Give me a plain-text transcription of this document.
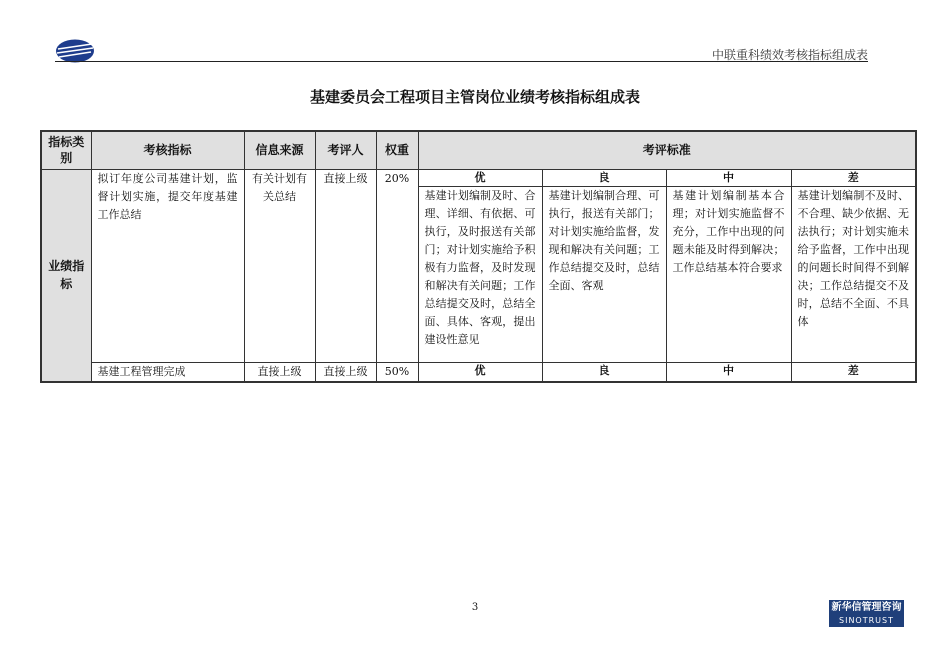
中联重科绩效考核指标组成表
基建委员会工程项目主管岗位业绩考核指标组成表
指标类别	考核指标	信息来源	考评人	权重	考评标准			
业绩指标	拟订年度公司基建计划，监督计划实施，提交年度基建工作总结	有关计划有关总结	直接上级	20%	优	良	中	差
					基建计划编制及时、合理、详细、有依据、可执行，及时报送有关部门；对计划实施给予积极有力监督，及时发现和解决有关问题；工作总结提交及时，总结全面、具体、客观，提出建设性意见	基建计划编制合理、可执行，报送有关部门；对计划实施给监督，发现和解决有关问题；工作总结提交及时，总结全面、客观	基建计划编制基本合理；对计划实施监督不充分，工作中出现的问题未能及时得到解决；工作总结基本符合要求	基建计划编制不及时、不合理、缺少依据、无法执行；对计划实施未给予监督，工作中出现的问题长时间得不到解决；工作总结提交不及时，总结不全面、不具体
	基建工程管理完成	直接上级	直接上级	50%	优	良	中	差
3	新华信管理咨询
SINOTRUST
